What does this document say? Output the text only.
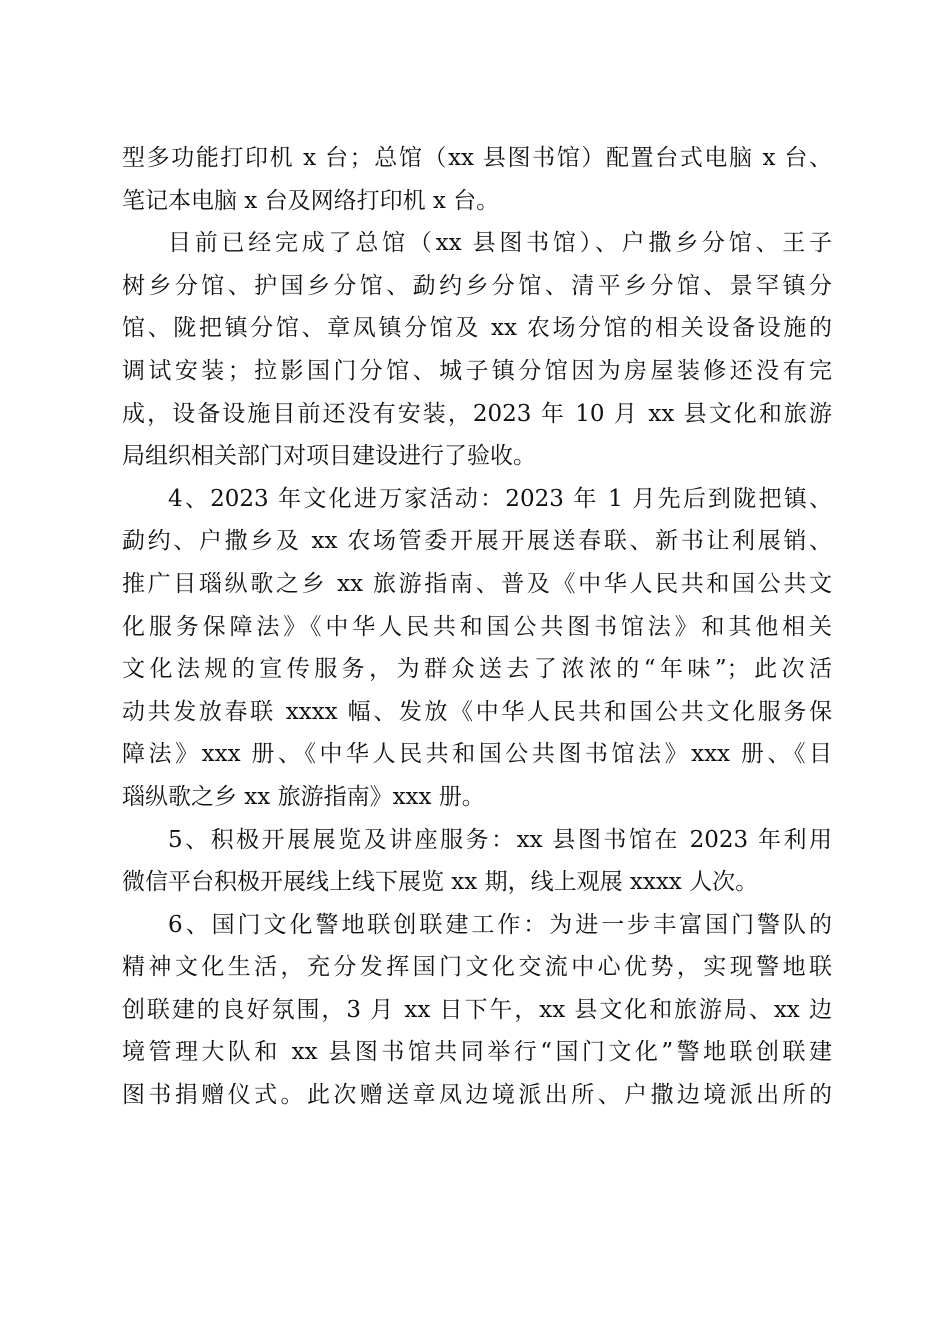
型多功能打印机 x 台；总馆（xx 县图书馆）配置台式电脑 x 台、
笔记本电脑 x 台及网络打印机 x 台。
目前已经完成了总馆（xx 县图书馆）、户撒乡分馆、王子
树乡分馆、护国乡分馆、勐约乡分馆、清平乡分馆、景罕镇分
馆、陇把镇分馆、章凤镇分馆及 xx 农场分馆的相关设备设施的
调试安装；拉影国门分馆、城子镇分馆因为房屋装修还没有完
成，设备设施目前还没有安装，2023 年 10 月 xx 县文化和旅游
局组织相关部门对项目建设进行了验收。
4、2023 年文化进万家活动：2023 年 1 月先后到陇把镇、
勐约、户撒乡及 xx 农场管委开展开展送春联、新书让利展销、
推广目瑙纵歌之乡 xx 旅游指南、普及《中华人民共和国公共文
化服务保障法》《中华人民共和国公共图书馆法》和其他相关
文化法规的宣传服务，为群众送去了浓浓的“年味”；此次活
动共发放春联 xxxx 幅、发放《中华人民共和国公共文化服务保
障法》xxx 册、《中华人民共和国公共图书馆法》xxx 册、《目
瑙纵歌之乡 xx 旅游指南》xxx 册。
5、积极开展展览及讲座服务：xx 县图书馆在 2023 年利用
微信平台积极开展线上线下展览 xx 期，线上观展 xxxx 人次。
6、国门文化警地联创联建工作：为进一步丰富国门警队的
精神文化生活，充分发挥国门文化交流中心优势，实现警地联
创联建的良好氛围，3 月 xx 日下午，xx 县文化和旅游局、xx 边
境管理大队和 xx 县图书馆共同举行“国门文化”警地联创联建
图书捐赠仪式。此次赠送章凤边境派出所、户撒边境派出所的
